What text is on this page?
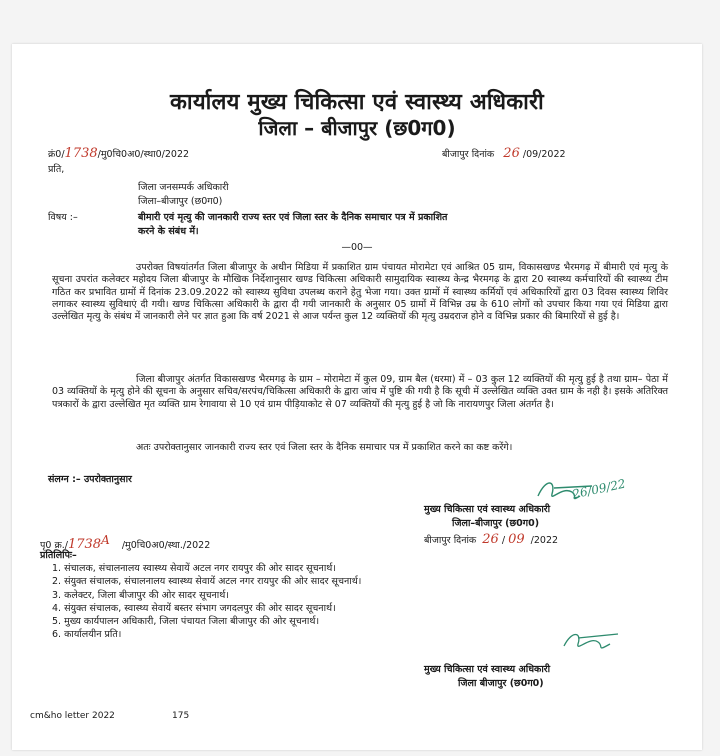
कार्यालय मुख्य चिकित्सा एवं स्वास्थ्य अधिकारी
जिला – बीजापुर (छ0ग0)
क्रं0/1738/मु0चि0अ0/स्था0/2022	बीजापुर दिनांक 26 /09/2022
प्रति,
जिला जनसम्पर्क अधिकारी
जिला–बीजापुर (छ0ग0)
विषय :–	बीमारी एवं मृत्यु की जानकारी राज्य स्तर एवं जिला स्तर के दैनिक समाचार पत्र में प्रकाशित
करने के संबंध में।
—00—
उपरोक्त विषयांतर्गत जिला बीजापुर के अधीन मिडिया में प्रकाशित ग्राम पंचायत मोरामेटा एवं आश्रित 05 ग्राम, विकासखण्ड भैरमगढ़ में बीमारी एवं मृत्यु के सूचना उपरांत कलेक्टर महोदय जिला बीजापुर के मौखिक निर्देशानुसार खण्ड चिकित्सा अधिकारी सामुदायिक स्वास्थ्य केन्द्र भैरमगढ़ के द्वारा 20 स्वास्थ्य कर्मचारियों की स्वास्थ्य टीम गठित कर प्रभावित ग्रामों में दिनांक 23.09.2022 को स्वास्थ्य सुविधा उपलब्ध कराने हेतु भेजा गया। उक्त ग्रामों में स्वास्थ्य कर्मियों एवं अधिकारियों द्वारा 03 दिवस स्वास्थ्य शिविर लगाकर स्वास्थ्य सुविधाएं दी गयी। खण्ड चिकित्सा अधिकारी के द्वारा दी गयी जानकारी के अनुसार 05 ग्रामों में विभिन्न उम्र के 610 लोगों को उपचार किया गया एवं मिडिया द्वारा उल्लेखित मृत्यु के संबंध में जानकारी लेने पर ज्ञात हुआ कि वर्ष 2021 से आज पर्यन्त कुल 12 व्यक्तियों की मृत्यु उम्रदराज होने व विभिन्न प्रकार की बिमारियों से हुई है।
जिला बीजापुर अंतर्गत विकासखण्ड भैरमगढ़ के ग्राम – मोरामेटा में कुल 09, ग्राम बैल (धरमा) में – 03 कुल 12 व्यक्तियों की मृत्यु हुई है तथा ग्राम– पेठा में 03 व्यक्तियों के मृत्यु होने की सूचना के अनुसार सचिव/सरपंच/चिकित्सा अधिकारी के द्वारा जांच में पुष्टि की गयी है कि सूची में उल्लेखित व्यक्ति उक्त ग्राम के नही है। इसके अतिरिक्त पत्रकारों के द्वारा उल्लेखित मृत व्यक्ति ग्राम रेगावाया से 10 एवं ग्राम पीड़ियाकोट से 07 व्यक्तियों की मृत्यु हुई है जो कि नारायणपुर जिला अंतर्गत है।
अतः उपरोक्तानुसार जानकारी राज्य स्तर एवं जिला स्तर के दैनिक समाचार पत्र में प्रकाशित करने का कष्ट करेंगे।
संलग्न :– उपरोक्तानुसार	26/09/22
मुख्य चिकित्सा एवं स्वास्थ्य अधिकारी
जिला–बीजापुर (छ0ग0)
पृ0 $क्र./1738^A$ /मु0चि0अ0/स्था./2022	बीजापुर दिनांक 26 / 09 /2022
प्रतिलिपिः–
1. संचालक, संचालनालय स्वास्थ्य सेवायें अटल नगर रायपुर की ओर सादर सूचनार्थ।
2. संयुक्त संचालक, संचालनालय स्वास्थ्य सेवायें अटल नगर रायपुर की ओर सादर सूचनार्थ।
3. कलेक्टर, जिला बीजापुर की ओर सादर सूचनार्थ।
4. संयुक्त संचालक, स्वास्थ्य सेवायें बस्तर संभाग जगदलपुर की ओर सादर सूचनार्थ।
5. मुख्य कार्यपालन अधिकारी, जिला पंचायत जिला बीजापुर की ओर सूचनार्थ।
6. कार्यालयीन प्रति।
मुख्य चिकित्सा एवं स्वास्थ्य अधिकारी
जिला बीजापुर (छ0ग0)
cm&ho letter 2022	175
